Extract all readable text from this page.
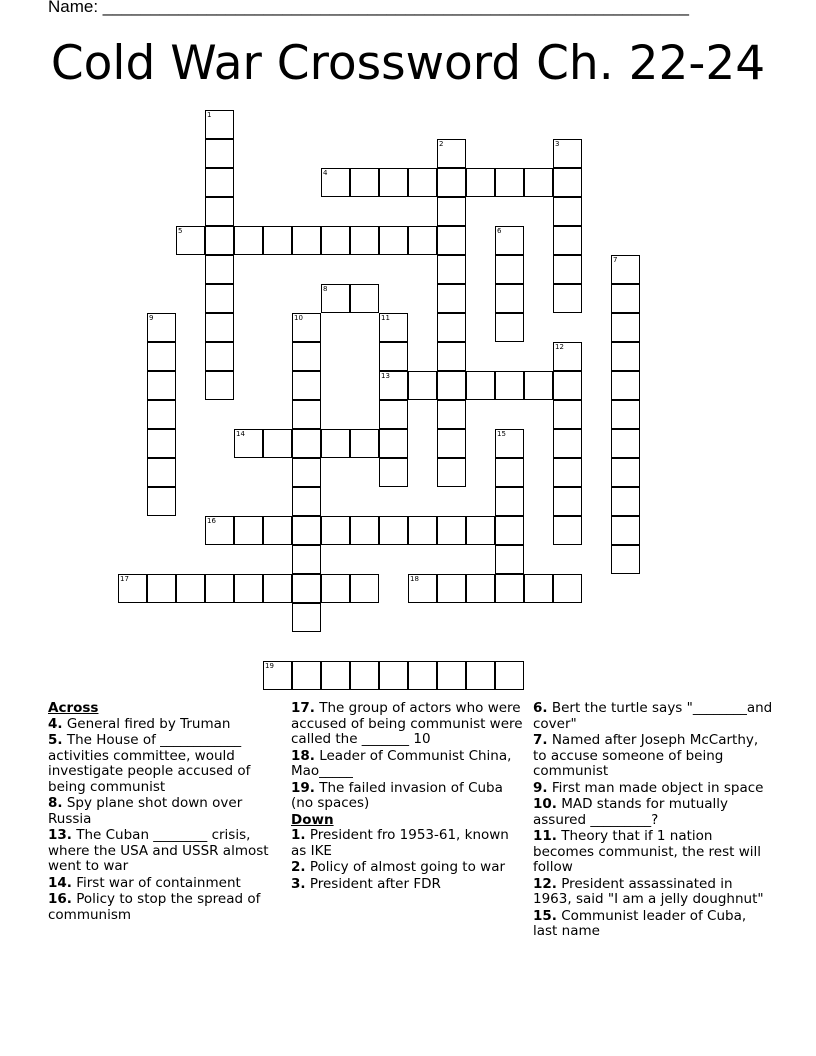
Name: ______________________________________________________________
Cold War Crossword Ch. 22-24
1
2	3
4
5	6
7
8
9	10	11
13
12
14	15
16
17	18
19
Across
4. General fired by Truman
5. The House of ____________ activities committee, would investigate people accused of being communist
8. Spy plane shot down over Russia
13. The Cuban ________ crisis, where the USA and USSR almost went to war
14. First war of containment
16. Policy to stop the spread of communism
17. The group of actors who were accused of being communist were called the _______ 10
18. Leader of Communist China, Mao_____
19. The failed invasion of Cuba (no spaces)
Down
1. President fro 1953-61, known as IKE
2. Policy of almost going to war
3. President after FDR
6. Bert the turtle says "________and cover"
7. Named after Joseph McCarthy, to accuse someone of being communist
9. First man made object in space
10. MAD stands for mutually assured _________?
11. Theory that if 1 nation becomes communist, the rest will follow
12. President assassinated in 1963, said "I am a jelly doughnut"
15. Communist leader of Cuba, last name
